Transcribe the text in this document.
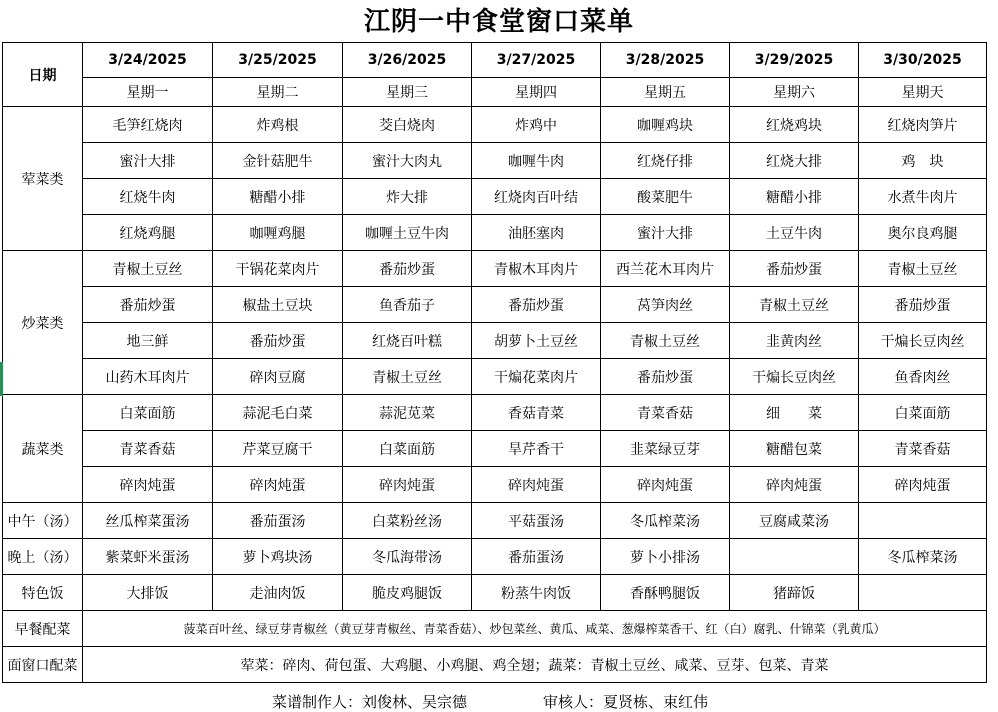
江阴一中食堂窗口菜单
日期	3/24/2025	3/25/2025	3/26/2025	3/27/2025	3/28/2025	3/29/2025	3/30/2025
	星期一	星期二	星期三	星期四	星期五	星期六	星期天
荤菜类	毛笋红烧肉	炸鸡根	茭白烧肉	炸鸡中	咖喱鸡块	红烧鸡块	红烧肉笋片
	蜜汁大排	金针菇肥牛	蜜汁大肉丸	咖喱牛肉	红烧仔排	红烧大排	鸡　块
	红烧牛肉	糖醋小排	炸大排	红烧肉百叶结	酸菜肥牛	糖醋小排	水煮牛肉片
	红烧鸡腿	咖喱鸡腿	咖喱土豆牛肉	油胚塞肉	蜜汁大排	土豆牛肉	奥尔良鸡腿
炒菜类	青椒土豆丝	干锅花菜肉片	番茄炒蛋	青椒木耳肉片	西兰花木耳肉片	番茄炒蛋	青椒土豆丝
	番茄炒蛋	椒盐土豆块	鱼香茄子	番茄炒蛋	莴笋肉丝	青椒土豆丝	番茄炒蛋
	地三鲜	番茄炒蛋	红烧百叶糕	胡萝卜土豆丝	青椒土豆丝	韭黄肉丝	干煸长豆肉丝
	山药木耳肉片	碎肉豆腐	青椒土豆丝	干煸花菜肉片	番茄炒蛋	干煸长豆肉丝	鱼香肉丝
蔬菜类	白菜面筋	蒜泥毛白菜	蒜泥苋菜	香菇青菜	青菜香菇	细　　菜	白菜面筋
	青菜香菇	芹菜豆腐干	白菜面筋	旱芹香干	韭菜绿豆芽	糖醋包菜	青菜香菇
	碎肉炖蛋	碎肉炖蛋	碎肉炖蛋	碎肉炖蛋	碎肉炖蛋	碎肉炖蛋	碎肉炖蛋
中午（汤）	丝瓜榨菜蛋汤	番茄蛋汤	白菜粉丝汤	平菇蛋汤	冬瓜榨菜汤	豆腐咸菜汤	
晚上（汤）	紫菜虾米蛋汤	萝卜鸡块汤	冬瓜海带汤	番茄蛋汤	萝卜小排汤		冬瓜榨菜汤
特色饭	大排饭	走油肉饭	脆皮鸡腿饭	粉蒸牛肉饭	香酥鸭腿饭	猪蹄饭	
早餐配菜	菠菜百叶丝、绿豆芽青椒丝（黄豆芽青椒丝、青菜香菇）、炒包菜丝、黄瓜、咸菜、葱爆榨菜香干、红（白）腐乳、什锦菜（乳黄瓜）						
面窗口配菜	荤菜：碎肉、荷包蛋、大鸡腿、小鸡腿、鸡全翅；蔬菜：青椒土豆丝、咸菜、豆芽、包菜、青菜						
菜谱制作人：刘俊林、吴宗德	审核人：夏贤栋、束红伟
